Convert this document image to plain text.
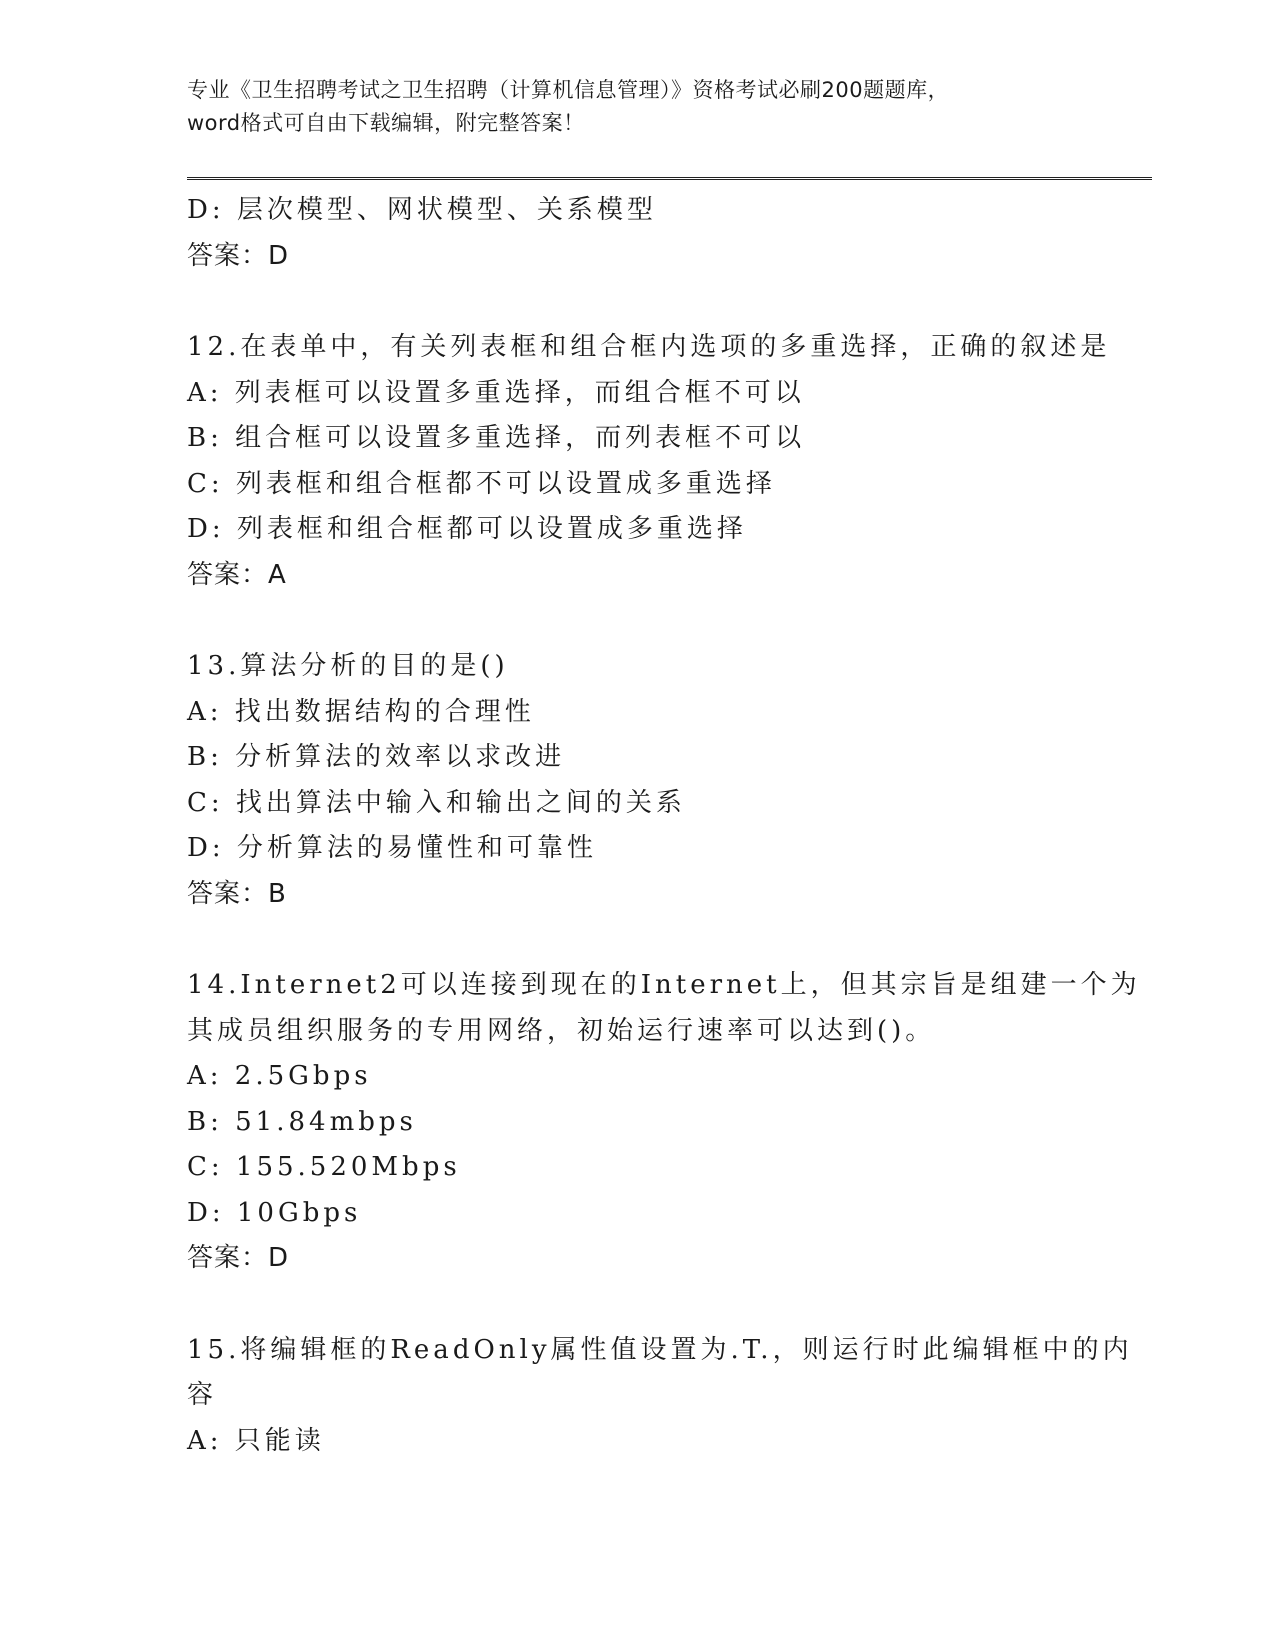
专业《卫生招聘考试之卫生招聘（计算机信息管理）》资格考试必刷200题题库，
word格式可自由下载编辑，附完整答案！
D: 层次模型、网状模型、关系模型
答案：D
12.在表单中，有关列表框和组合框内选项的多重选择，正确的叙述是
A: 列表框可以设置多重选择，而组合框不可以
B: 组合框可以设置多重选择，而列表框不可以
C: 列表框和组合框都不可以设置成多重选择
D: 列表框和组合框都可以设置成多重选择
答案：A
13.算法分析的目的是()
A: 找出数据结构的合理性
B: 分析算法的效率以求改进
C: 找出算法中输入和输出之间的关系
D: 分析算法的易懂性和可靠性
答案：B
14.Internet2可以连接到现在的Internet上，但其宗旨是组建一个为
其成员组织服务的专用网络，初始运行速率可以达到()。
A: 2.5Gbps
B: 51.84mbps
C: 155.520Mbps
D: 10Gbps
答案：D
15.将编辑框的ReadOnly属性值设置为.T.，则运行时此编辑框中的内
容
A: 只能读
